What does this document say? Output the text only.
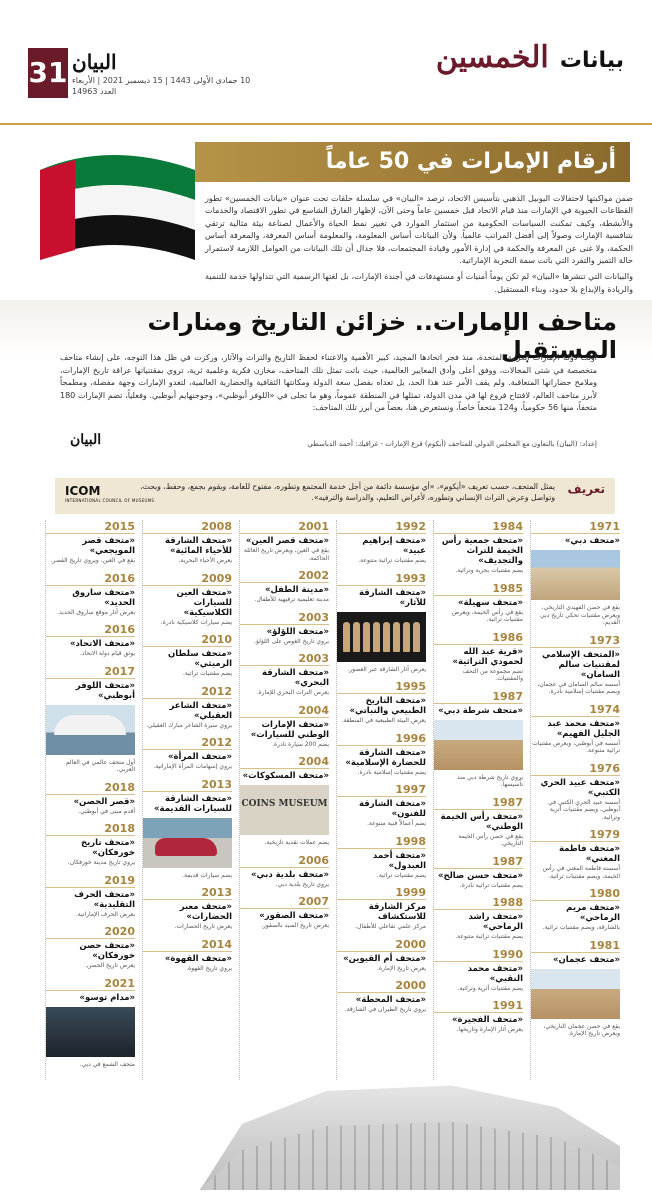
31 البيان
10 جمادى الأولى 1443 | 15 ديسمبر 2021 | الأربعاء
العدد 14963
بيانات الخمسين
أرقام الإمارات في 50 عاماً

ضمن مواكبتها لاحتفالات اليوبيل الذهبي بتأسيس الاتحاد، ترصد «البيان» في سلسلة حلقات تحت عنوان «بيانات الخمسين» تطور القطاعات الحيوية في الإمارات منذ قيام الاتحاد قبل خمسين عاماً وحتى الآن، لإظهار الفارق الشاسع في تطور الاقتصاد والخدمات والأنشطة، وكيف تمكنت السياسات الحكومية من استثمار الموارد في تغيير نمط الحياة والأعمال لصناعة بيئة مثالية ترتقي بتنافسية الإمارات وصولاً إلى أفضل المراتب عالمياً. ولأن البيانات أساس المعلومة، والمعلومة أساس المعرفة، والمعرفة أساس الحكمة، ولا غنى عن المعرفة والحكمة في إدارة الأمور وقيادة المجتمعات، فلا جدال أن تلك البيانات من العوامل اللازمة لاستمرار حالة التميز والتفرد التي باتت سمة التجربة الإماراتية.

والبيانات التي تنشرها «البيان» لم تكن يوماً أمنيات أو مستهدفات في أجندة الإمارات، بل لغتها الرسمية التي تتداولها خدمة للتنمية والريادة والإبداع بلا حدود، وبناء المستقبل.

متاحف الإمارات.. خزائن التاريخ ومنارات المستقبل
أولت دولة الإمارات العربية المتحدة، منذ فجر اتحادها المجيد، كبير الأهمية والاعتناء لحفظ التاريخ والتراث والآثار، وركزت في ظل هذا التوجه، على إنشاء متاحف متخصصة في شتى المجالات، ووفق أعلى وأدق المعايير العالمية، حيث باتت تمثل تلك المتاحف، مخازن فكرية وعلمية ثرية، تروي بمقتنياتها عراقة تاريخ الإمارات، وملامح حضاراتها المتعاقبة. ولم يقف الأمر عند هذا الحد، بل تعداه بفضل سعة الدولة ومكانتها الثقافية والحضارية العالمية، لتغدو الإمارات وجهة مفضلة، ومطمحاً لأبرز متاحف العالم، لافتتاح فروع لها في مدن الدولة، تمثلها في المنطقة عموماً، وهو ما تجلى في «اللوفر أبوظبي»، وجوجنهايم أبوظبي. وفعلياً، تضم الإمارات 180 متحفاً، منها 56 حكومياً، و124 متحفاً خاصاً، ونستعرض هنا، بعضاً من أبرز تلك المتاحف:
إعداد: (البيان) بالتعاون مع المجلس الدولي للمتاحف (أيكوم) فرع الإمارات - غرافيك: أحمد الدباسطي
البيان
تعريف
يمثل المتحف، حسب تعريف «أيكوم»، «أي مؤسسة دائمة من أجل خدمة المجتمع وتطوره، مفتوح للعامة، ويقوم بجمع، وحفظ، وبحث، وتواصل وعرض التراث الإنساني وتطوره، لأغراض التعليم، والدراسة والترفيه».
ICOM
INTERNATIONAL COUNCIL OF MUSEUMS
1971
«متحف دبي»
يقع في حصن الفهيدي التاريخي، ويعرض مقتنيات تحكي تاريخ دبي القديم.
1973
«المتحف الإسلامي لمقتنيات سالم السامان»
أسسه سالم السامان في عجمان، ويضم مقتنيات إسلامية نادرة.
1974
«متحف محمد عبد الجليل الفهيم»
أسسه في أبوظبي، ويعرض مقتنيات تراثية متنوعة.
1976
«متحف عبيد الحري الكتبي»
أسسه عبيد الحري الكتبي في أبوظبي، ويضم مقتنيات أثرية وتراثية.
1979
«متحف فاطمة المغني»
أسسته فاطمة المغني في رأس الخيمة، ويضم مقتنيات تراثية.
1980
«متحف مريم الرماحي»
بالشارقة، ويضم مقتنيات تراثية.
1981
«متحف عجمان»
يقع في حصن عجمان التاريخي، ويعرض تاريخ الإمارة.
1984
«متحف جمعية رأس الخيمة للتراث والتجديف»
يضم مقتنيات بحرية وتراثية.
1985
«متحف سهيلة»
يقع في رأس الخيمة، ويعرض مقتنيات تراثية.
1986
«قرية عبد الله لحمودي التراثية»
تضم مجموعة من التحف والمقتنيات.
1987
«متحف شرطة دبي»
يروي تاريخ شرطة دبي منذ تأسيسها.
1987
«متحف رأس الخيمة الوطني»
يقع في حصن رأس الخيمة التاريخي.
1987
«متحف حسن صالح»
يضم مقتنيات تراثية نادرة.
1988
«متحف راشد الرماحي»
يضم مقتنيات تراثية متنوعة.
1990
«متحف محمد النقبي»
يضم مقتنيات أثرية وتراثية.
1991
«متحف الفجيرة»
يعرض آثار الإمارة وتاريخها.
1992
«متحف إبراهيم عبيد»
يضم مقتنيات تراثية متنوعة.
1993
«متحف الشارقة للآثار»
يعرض آثار الشارقة عبر العصور.
1995
«متحف التاريخ الطبيعي والنباتي»
يعرض البيئة الطبيعية في المنطقة.
1996
«متحف الشارقة للحضارة الإسلامية»
يضم مقتنيات إسلامية نادرة.
1997
«متحف الشارقة للفنون»
يضم أعمالاً فنية متنوعة.
1998
«متحف أحمد العبدول»
يضم مقتنيات تراثية.
1999
مركز الشارقة للاستكشاف
مركز علمي تفاعلي للأطفال.
2000
«متحف أم القيوين»
يعرض تاريخ الإمارة.
2000
«متحف المحطة»
يروي تاريخ الطيران في الشارقة.
2001
«متحف قصر العين»
يقع في العين، ويعرض تاريخ العائلة الحاكمة.
2002
«مدينة الطفل»
مدينة تعليمية ترفيهية للأطفال.
2003
«متحف اللؤلؤ»
يروي تاريخ الغوص على اللؤلؤ.
2003
«متحف الشارقة البحري»
يعرض التراث البحري للإمارة.
2004
«متحف الإمارات الوطني للسيارات»
يضم 200 سيارة نادرة.
2004
«متحف المسكوكات»
COINS MUSEUM
يضم عملات نقدية تاريخية.
2006
«متحف بلدية دبي»
يروي تاريخ بلدية دبي.
2007
«متحف الصقور»
يعرض تاريخ الصيد بالصقور.
2008
«متحف الشارقة للأحياء المائية»
يعرض الأحياء البحرية.
2009
«متحف العين للسيارات الكلاسيكية»
يضم سيارات كلاسيكية نادرة.
2010
«متحف سلطان الرميثي»
يضم مقتنيات تراثية.
2012
«متحف الشاعر العقيلي»
يروي سيرة الشاعر مبارك العقيلي.
2012
«متحف المرأة»
يروي إسهامات المرأة الإماراتية.
2013
«متحف الشارقة للسيارات القديمة»
يضم سيارات قديمة.
2013
«متحف معبر الحضارات»
يعرض تاريخ الحضارات.
2014
«متحف القهوة»
يروي تاريخ القهوة.
2015
«متحف قصر المويجعي»
يقع في العين، ويروي تاريخ القصر.
2016
«متحف ساروق الحديد»
يعرض آثار موقع ساروق الحديد.
2016
«متحف الاتحاد»
يوثق قيام دولة الاتحاد.
2017
«متحف اللوفر أبوظبي»
أول متحف عالمي في العالم العربي.
2018
«قصر الحصن»
أقدم مبنى في أبوظبي.
2018
«متحف تاريخ خورفكان»
يروي تاريخ مدينة خورفكان.
2019
«متحف الحرف التقليدية»
يعرض الحرف الإماراتية.
2020
«متحف حصن خورفكان»
يعرض تاريخ الحصن.
2021
«مدام توسو»
متحف الشمع في دبي.
